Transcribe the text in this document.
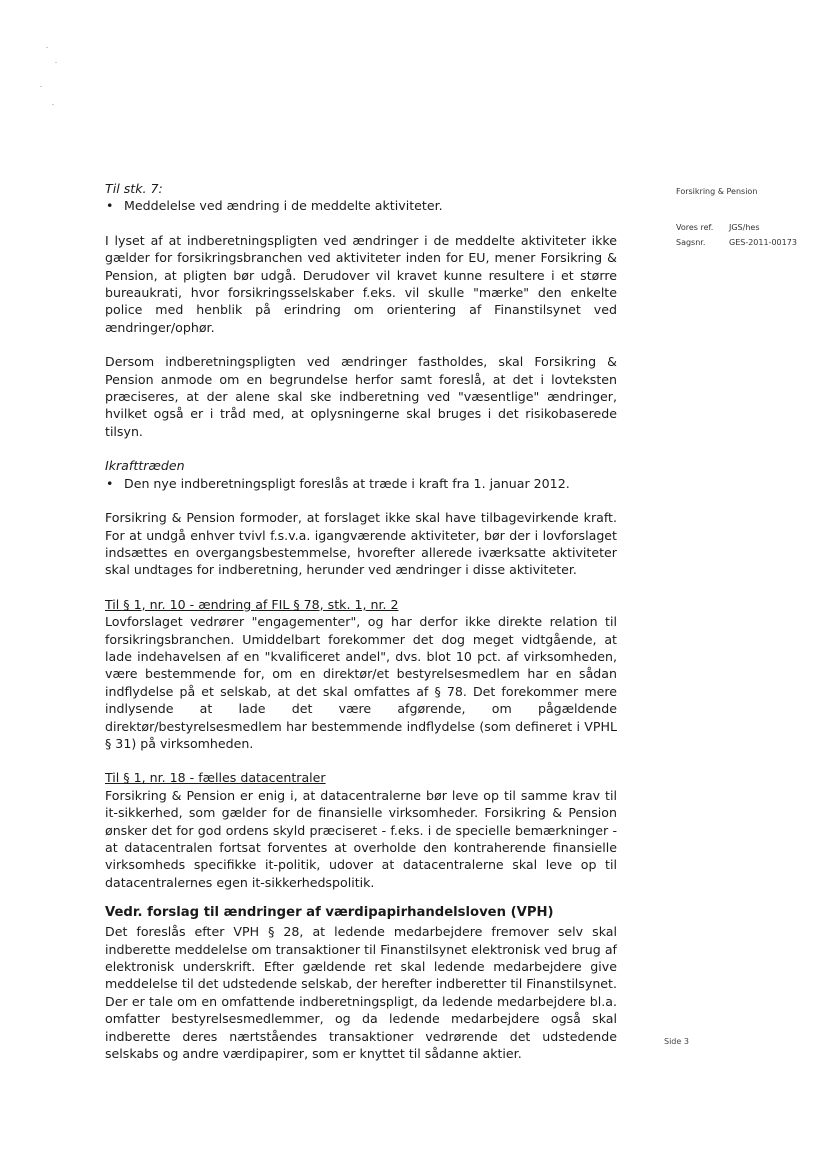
Forsikring & Pension
Vores ref. JGS/hes
Sagsnr.	GES-2011-00173

Til stk. 7:

• Meddelelse ved ændring i de meddelte aktiviteter.

I lyset af at indberetningspligten ved ændringer i de meddelte aktiviteter ikke gælder for forsikringsbranchen ved aktiviteter inden for EU, mener Forsikring & Pension, at pligten bør udgå. Derudover vil kravet kunne resultere i et større bureaukrati, hvor forsikringsselskaber f.eks. vil skulle "mærke" den enkelte police med henblik på erindring om orientering af Finanstilsynet ved ændringer/ophør.

Dersom indberetningspligten ved ændringer fastholdes, skal Forsikring & Pension anmode om en begrundelse herfor samt foreslå, at det i lovteksten præciseres, at der alene skal ske indberetning ved "væsentlige" ændringer, hvilket også er i tråd med, at oplysningerne skal bruges i det risikobaserede tilsyn.

Ikrafttræden

• Den nye indberetningspligt foreslås at træde i kraft fra 1. januar 2012.

Forsikring & Pension formoder, at forslaget ikke skal have tilbagevirkende kraft. For at undgå enhver tvivl f.s.v.a. igangværende aktiviteter, bør der i lovforslaget indsættes en overgangsbestemmelse, hvorefter allerede iværksatte aktiviteter skal undtages for indberetning, herunder ved ændringer i disse aktiviteter.

Til § 1, nr. 10 - ændring af FIL § 78, stk. 1, nr. 2

Lovforslaget vedrører "engagementer", og har derfor ikke direkte relation til forsikringsbranchen. Umiddelbart forekommer det dog meget vidtgående, at lade indehavelsen af en "kvalificeret andel", dvs. blot 10 pct. af virksomheden, være bestemmende for, om en direktør/et bestyrelsesmedlem har en sådan indflydelse på et selskab, at det skal omfattes af § 78. Det forekommer mere indlysende at lade det være afgørende, om pågældende direktør/bestyrelsesmedlem har bestemmende indflydelse (som defineret i VPHL § 31) på virksomheden.

Til § 1, nr. 18 - fælles datacentraler

Forsikring & Pension er enig i, at datacentralerne bør leve op til samme krav til it-sikkerhed, som gælder for de finansielle virksomheder. Forsikring & Pension ønsker det for god ordens skyld præciseret - f.eks. i de specielle bemærkninger - at datacentralen fortsat forventes at overholde den kontraherende finansielle virksomheds specifikke it-politik, udover at datacentralerne skal leve op til datacentralernes egen it-sikkerhedspolitik.

Vedr. forslag til ændringer af værdipapirhandelsloven (VPH)

Det foreslås efter VPH § 28, at ledende medarbejdere fremover selv skal indberette meddelelse om transaktioner til Finanstilsynet elektronisk ved brug af elektronisk underskrift. Efter gældende ret skal ledende medarbejdere give meddelelse til det udstedende selskab, der herefter indberetter til Finanstilsynet. Der er tale om en omfattende indberetningspligt, da ledende medarbejdere bl.a. omfatter bestyrelsesmedlemmer, og da ledende medarbejdere også skal indberette deres nærtståendes transaktioner vedrørende det udstedende selskabs og andre værdipapirer, som er knyttet til sådanne aktier.

Side 3
